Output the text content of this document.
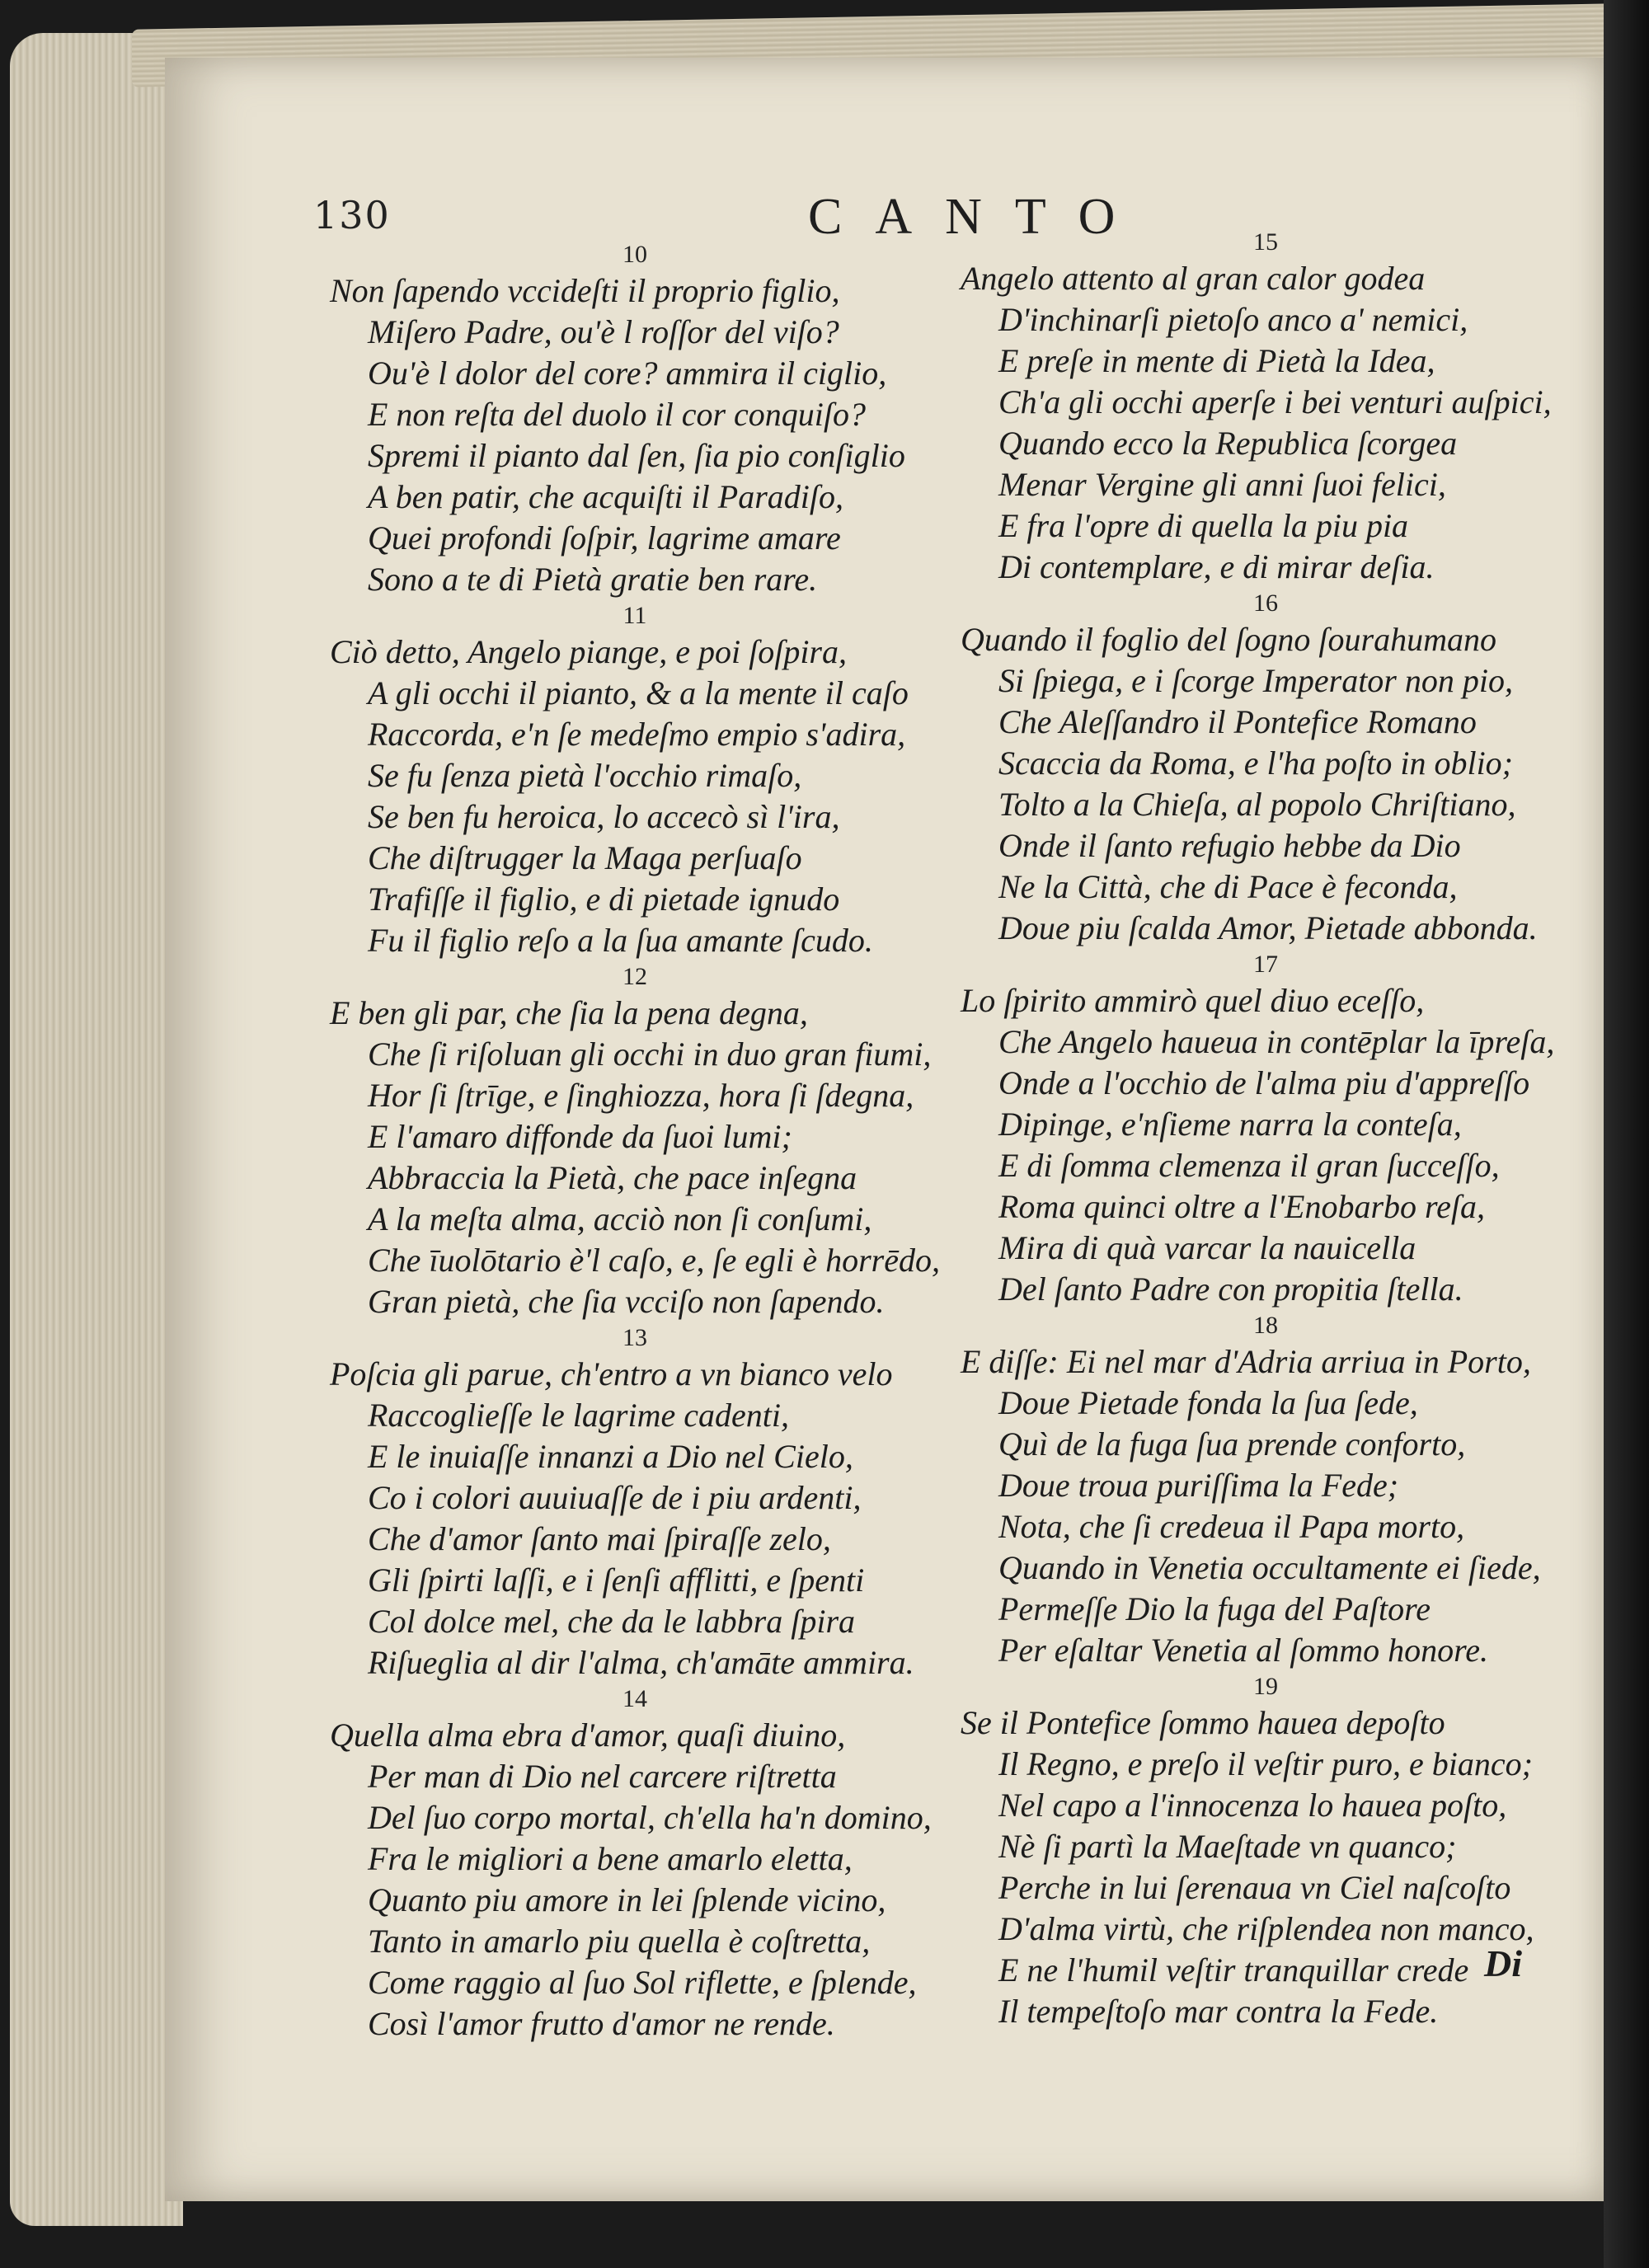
130	CANTO
10
Non ſapendo vccideſti il proprio figlio,
Miſero Padre, ou'è l roſſor del viſo?
Ou'è l dolor del core? ammira il ciglio,
E non reſta del duolo il cor conquiſo?
Spremi il pianto dal ſen, ſia pio conſiglio
A ben patir, che acquiſti il Paradiſo,
Quei profondi ſoſpir, lagrime amare
Sono a te di Pietà gratie ben rare.
11
Ciò detto, Angelo piange, e poi ſoſpira,
A gli occhi il pianto, & a la mente il caſo
Raccorda, e'n ſe medeſmo empio s'adira,
Se fu ſenza pietà l'occhio rimaſo,
Se ben fu heroica, lo accecò sì l'ira,
Che diſtrugger la Maga perſuaſo
Trafiſſe il figlio, e di pietade ignudo
Fu il figlio reſo a la ſua amante ſcudo.
12
E ben gli par, che ſia la pena degna,
Che ſi riſoluan gli occhi in duo gran fiumi,
Hor ſi ſtrīge, e ſinghiozza, hora ſi ſdegna,
E l'amaro diffonde da ſuoi lumi;
Abbraccia la Pietà, che pace inſegna
A la meſta alma, acciò non ſi conſumi,
Che īuolōtario è'l caſo, e, ſe egli è horrēdo,
Gran pietà, che ſia vcciſo non ſapendo.
13
Poſcia gli parue, ch'entro a vn bianco velo
Raccoglieſſe le lagrime cadenti,
E le inuiaſſe innanzi a Dio nel Cielo,
Co i colori auuiuaſſe de i piu ardenti,
Che d'amor ſanto mai ſpiraſſe zelo,
Gli ſpirti laſſi, e i ſenſi afflitti, e ſpenti
Col dolce mel, che da le labbra ſpira
Riſueglia al dir l'alma, ch'amāte ammira.
14
Quella alma ebra d'amor, quaſi diuino,
Per man di Dio nel carcere riſtretta
Del ſuo corpo mortal, ch'ella ha'n domino,
Fra le migliori a bene amarlo eletta,
Quanto piu amore in lei ſplende vicino,
Tanto in amarlo piu quella è coſtretta,
Come raggio al ſuo Sol riflette, e ſplende,
Così l'amor frutto d'amor ne rende.
15
Angelo attento al gran calor godea
D'inchinarſi pietoſo anco a' nemici,
E preſe in mente di Pietà la Idea,
Ch'a gli occhi aperſe i bei venturi auſpici,
Quando ecco la Republica ſcorgea
Menar Vergine gli anni ſuoi felici,
E fra l'opre di quella la piu pia
Di contemplare, e di mirar deſia.
16
Quando il foglio del ſogno ſourahumano
Si ſpiega, e i ſcorge Imperator non pio,
Che Aleſſandro il Pontefice Romano
Scaccia da Roma, e l'ha poſto in oblio;
Tolto a la Chieſa, al popolo Chriſtiano,
Onde il ſanto refugio hebbe da Dio
Ne la Città, che di Pace è feconda,
Doue piu ſcalda Amor, Pietade abbonda.
17
Lo ſpirito ammirò quel diuo eceſſo,
Che Angelo haueua in contēplar la īpreſa,
Onde a l'occhio de l'alma piu d'appreſſo
Dipinge, e'nſieme narra la conteſa,
E di ſomma clemenza il gran ſucceſſo,
Roma quinci oltre a l'Enobarbo reſa,
Mira di quà varcar la nauicella
Del ſanto Padre con propitia ſtella.
18
E diſſe: Ei nel mar d'Adria arriua in Porto,
Doue Pietade fonda la ſua ſede,
Quì de la fuga ſua prende conforto,
Doue troua puriſſima la Fede;
Nota, che ſi credeua il Papa morto,
Quando in Venetia occultamente ei ſiede,
Permeſſe Dio la fuga del Paſtore
Per eſaltar Venetia al ſommo honore.
19
Se il Pontefice ſommo haueа depoſto
Il Regno, e preſo il veſtir puro, e bianco;
Nel capo a l'innocenza lo haueа poſto,
Nè ſi partì la Maeſtade vn quanco;
Perche in lui ſerenaua vn Ciel naſcoſto
D'alma virtù, che riſplendea non manco,
E ne l'humil veſtir tranquillar crede
Il tempeſtoſo mar contra la Fede.
Di
